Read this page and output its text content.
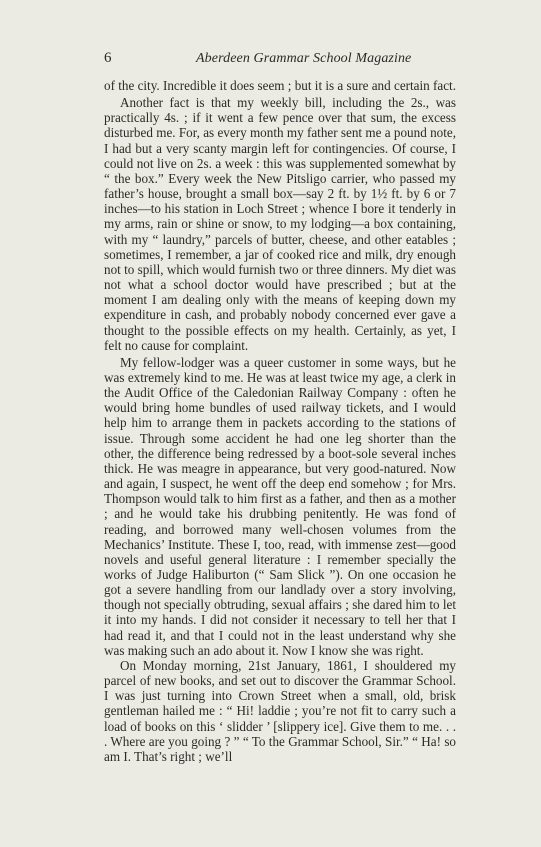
6	Aberdeen Grammar School Magazine

of the city. Incredible it does seem ; but it is a sure and certain fact.

Another fact is that my weekly bill, including the 2s., was practically 4s. ; if it went a few pence over that sum, the excess disturbed me. For, as every month my father sent me a pound note, I had but a very scanty margin left for contingencies. Of course, I could not live on 2s. a week : this was supplemented somewhat by “ the box.” Every week the New Pitsligo carrier, who passed my father’s house, brought a small box—say 2 ft. by 1½ ft. by 6 or 7 inches—to his station in Loch Street ; whence I bore it tenderly in my arms, rain or shine or snow, to my lodging—a box containing, with my “ laundry,” parcels of butter, cheese, and other eatables ; sometimes, I remember, a jar of cooked rice and milk, dry enough not to spill, which would furnish two or three dinners. My diet was not what a school doctor would have prescribed ; but at the moment I am dealing only with the means of keeping down my expenditure in cash, and probably nobody concerned ever gave a thought to the possible effects on my health. Certainly, as yet, I felt no cause for complaint.

My fellow-lodger was a queer customer in some ways, but he was extremely kind to me. He was at least twice my age, a clerk in the Audit Office of the Caledonian Railway Company : often he would bring home bundles of used railway tickets, and I would help him to arrange them in packets according to the stations of issue. Through some accident he had one leg shorter than the other, the difference being redressed by a boot-sole several inches thick. He was meagre in appearance, but very good-natured. Now and again, I suspect, he went off the deep end somehow ; for Mrs. Thompson would talk to him first as a father, and then as a mother ; and he would take his drubbing penitently. He was fond of reading, and borrowed many well-chosen volumes from the Mechanics’ Institute. These I, too, read, with immense zest—good novels and useful general literature : I remember specially the works of Judge Haliburton (“ Sam Slick ”). On one occasion he got a severe handling from our landlady over a story involving, though not specially obtruding, sexual affairs ; she dared him to let it into my hands. I did not consider it necessary to tell her that I had read it, and that I could not in the least understand why she was making such an ado about it. Now I know she was right.

On Monday morning, 21st January, 1861, I shouldered my parcel of new books, and set out to discover the Grammar School. I was just turning into Crown Street when a small, old, brisk gentleman hailed me : “ Hi! laddie ; you’re not fit to carry such a load of books on this ‘ slidder ’ [slippery ice]. Give them to me. . . . Where are you going ? ” “ To the Grammar School, Sir.” “ Ha! so am I. That’s right ; we’ll
